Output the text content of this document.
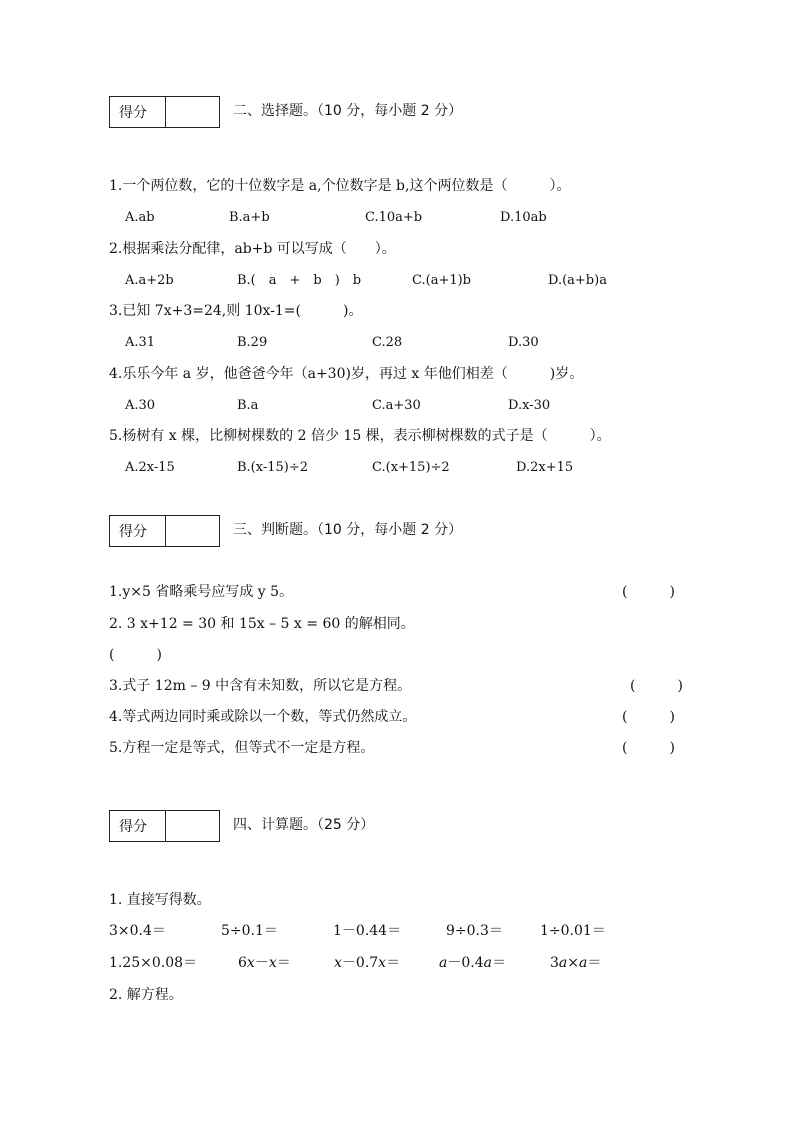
得分	二、选择题。（10 分，每小题 2 分）
1.一个两位数，它的十位数字是 a,个位数字是 b,这个两位数是（　　　）。
A.ab	B.a+b	C.10a+b	D.10ab
2.根据乘法分配律，ab+b 可以写成（　　）。
A.a+2b	B.(　a　+　b　)　b	C.(a+1)b	D.(a+b)a
3.已知 7x+3=24,则 10x-1=(　　　)。
A.31	B.29	C.28	D.30
4.乐乐今年 a 岁，他爸爸今年（a+30)岁，再过 x 年他们相差（　　　)岁。
A.30	B.a	C.a+30	D.x-30
5.杨树有 x 棵，比柳树棵数的 2 倍少 15 棵，表示柳树棵数的式子是（　　　）。
A.2x-15	B.(x-15)÷2	C.(x+15)÷2	D.2x+15
得分	三、判断题。（10 分，每小题 2 分）
1.y×5 省略乘号应写成 y 5。	(　　　)
2. 3 x+12 = 30 和 15x – 5 x = 60 的解相同。
(　　　)
3.式子 12m – 9 中含有未知数，所以它是方程。	(　　　)
4.等式两边同时乘或除以一个数，等式仍然成立。	(　　　)
5.方程一定是等式，但等式不一定是方程。	(　　　)
得分	四、计算题。（25 分）
1. 直接写得数。
3×0.4＝	5÷0.1＝	1－0.44＝	9÷0.3＝	1÷0.01＝
1.25×0.08＝	6x－x＝	x－0.7x＝	a－0.4a＝	3a×a＝
2. 解方程。
